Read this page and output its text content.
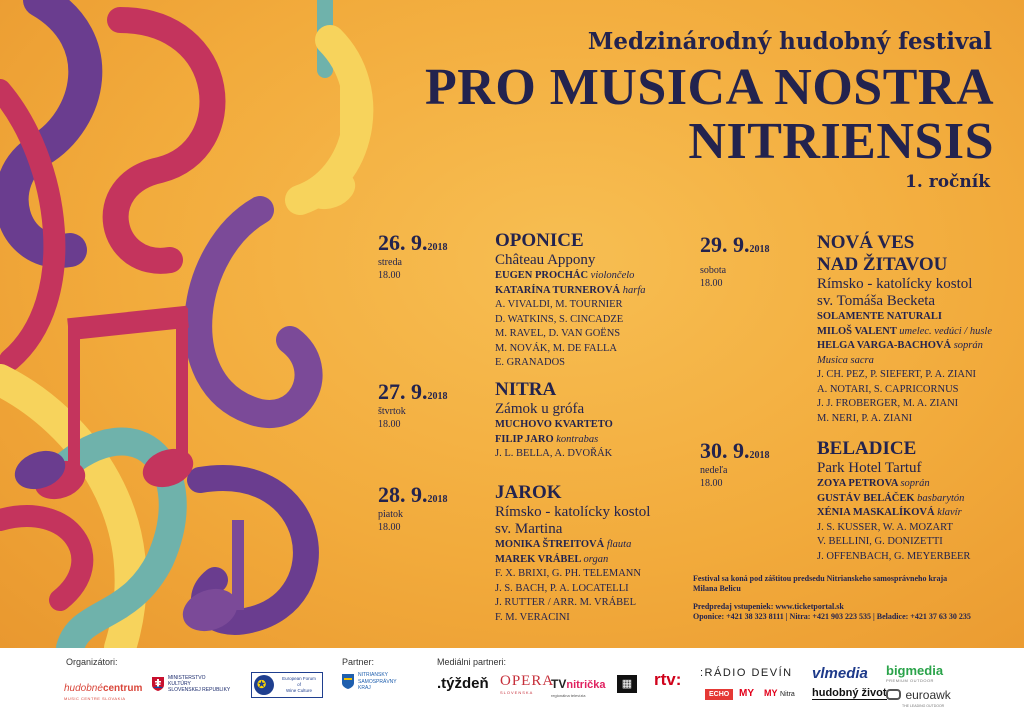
Medzinárodný hudobný festival
PRO MUSICA NOSTRA
NITRIENSIS
1. ročník
26. 9.2018
streda
18.00
OPONICE
Château Appony
EUGEN PROCHÁC violončelo
KATARÍNA TURNEROVÁ harfa
A. VIVALDI, M. TOURNIER
D. WATKINS, S. CINCADZE
M. RAVEL, D. VAN GOËNS
M. NOVÁK, M. DE FALLA
E. GRANADOS
27. 9.2018
štvrtok
18.00
NITRA
Zámok u grófa
MUCHOVO KVARTETO
FILIP JARO kontrabas
J. L. BELLA, A. DVOŘÁK
28. 9.2018
piatok
18.00
JAROK
Rímsko - katolícky kostol
sv. Martina
MONIKA ŠTREITOVÁ flauta
MAREK VRÁBEL organ
F. X. BRIXI, G. PH. TELEMANN
J. S. BACH, P. A. LOCATELLI
J. RUTTER / ARR. M. VRÁBEL
F. M. VERACINI
29. 9.2018
sobota
18.00
NOVÁ VES
NAD ŽITAVOU
Rímsko - katolícky kostol
sv. Tomáša Becketa
SOLAMENTE NATURALI
MILOŠ VALENT umelec. vedúci / husle
HELGA VARGA-BACHOVÁ soprán
Musica sacra
J. CH. PEZ, P. SIEFERT, P. A. ZIANI
A. NOTARI, S. CAPRICORNUS
J. J. FROBERGER, M. A. ZIANI
M. NERI, P. A. ZIANI
30. 9.2018
nedeľa
18.00
BELADICE
Park Hotel Tartuf
ZOYA PETROVA soprán
GUSTÁV BELÁČEK basbarytón
XÉNIA MASKALÍKOVÁ klavír
J. S. KUSSER, W. A. MOZART
V. BELLINI, G. DONIZETTI
J. OFFENBACH, G. MEYERBEER

Festival sa koná pod záštitou predsedu Nitrianskeho samosprávneho kraja

Milana Belicu

Predpredaj vstupeniek: www.ticketportal.sk

Oponice: +421 38 323 8111 | Nitra: +421 903 223 535 | Beladice: +421 37 63 30 235

Organizátori:	Partner:	Mediálni partneri:
hudobnécentrum
MUSIC CENTRE SLOVAKIA
MINISTERSTVO
KULTÚRY
SLOVENSKEJ REPUBLIKY ✪
European Forum
of
Wine Culture
NITRIANSKY
SAMOSPRÁVNY
KRAJ	.týždeň OPERA
SLOVENSKA
TVnitrička
regionálna televízia
▦ rtv: :RÁDIO DEVÍN
ECHO MY MY Nitra
vlmedia
hudobný život
bigmedia
PREMIUM OUTDOOR
euroawk
THE LEADING OUTDOOR
